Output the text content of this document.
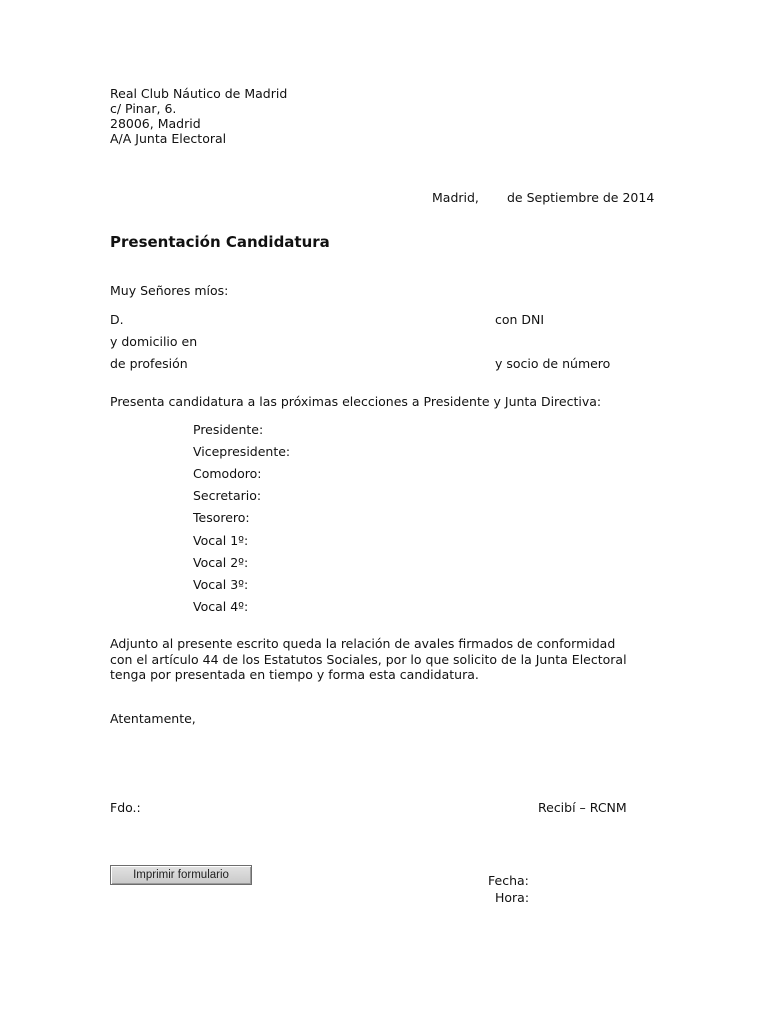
Real Club Náutico de Madrid
c/ Pinar, 6.
28006, Madrid
A/A Junta Electoral
Madrid, de Septiembre de 2014
Presentación Candidatura
Muy Señores míos:
D.	con DNI
y domicilio en
de profesión	y socio de número
Presenta candidatura a las próximas elecciones a Presidente y Junta Directiva:
Presidente:
Vicepresidente:
Comodoro:
Secretario:
Tesorero:
Vocal 1º:
Vocal 2º:
Vocal 3º:
Vocal 4º:
Adjunto al presente escrito queda la relación de avales firmados de conformidad
con el artículo 44 de los Estatutos Sociales, por lo que solicito de la Junta Electoral
tenga por presentada en tiempo y forma esta candidatura.
Atentamente,
Fdo.:	Recibí – RCNM
Imprimir formulario	Fecha:
Hora:
